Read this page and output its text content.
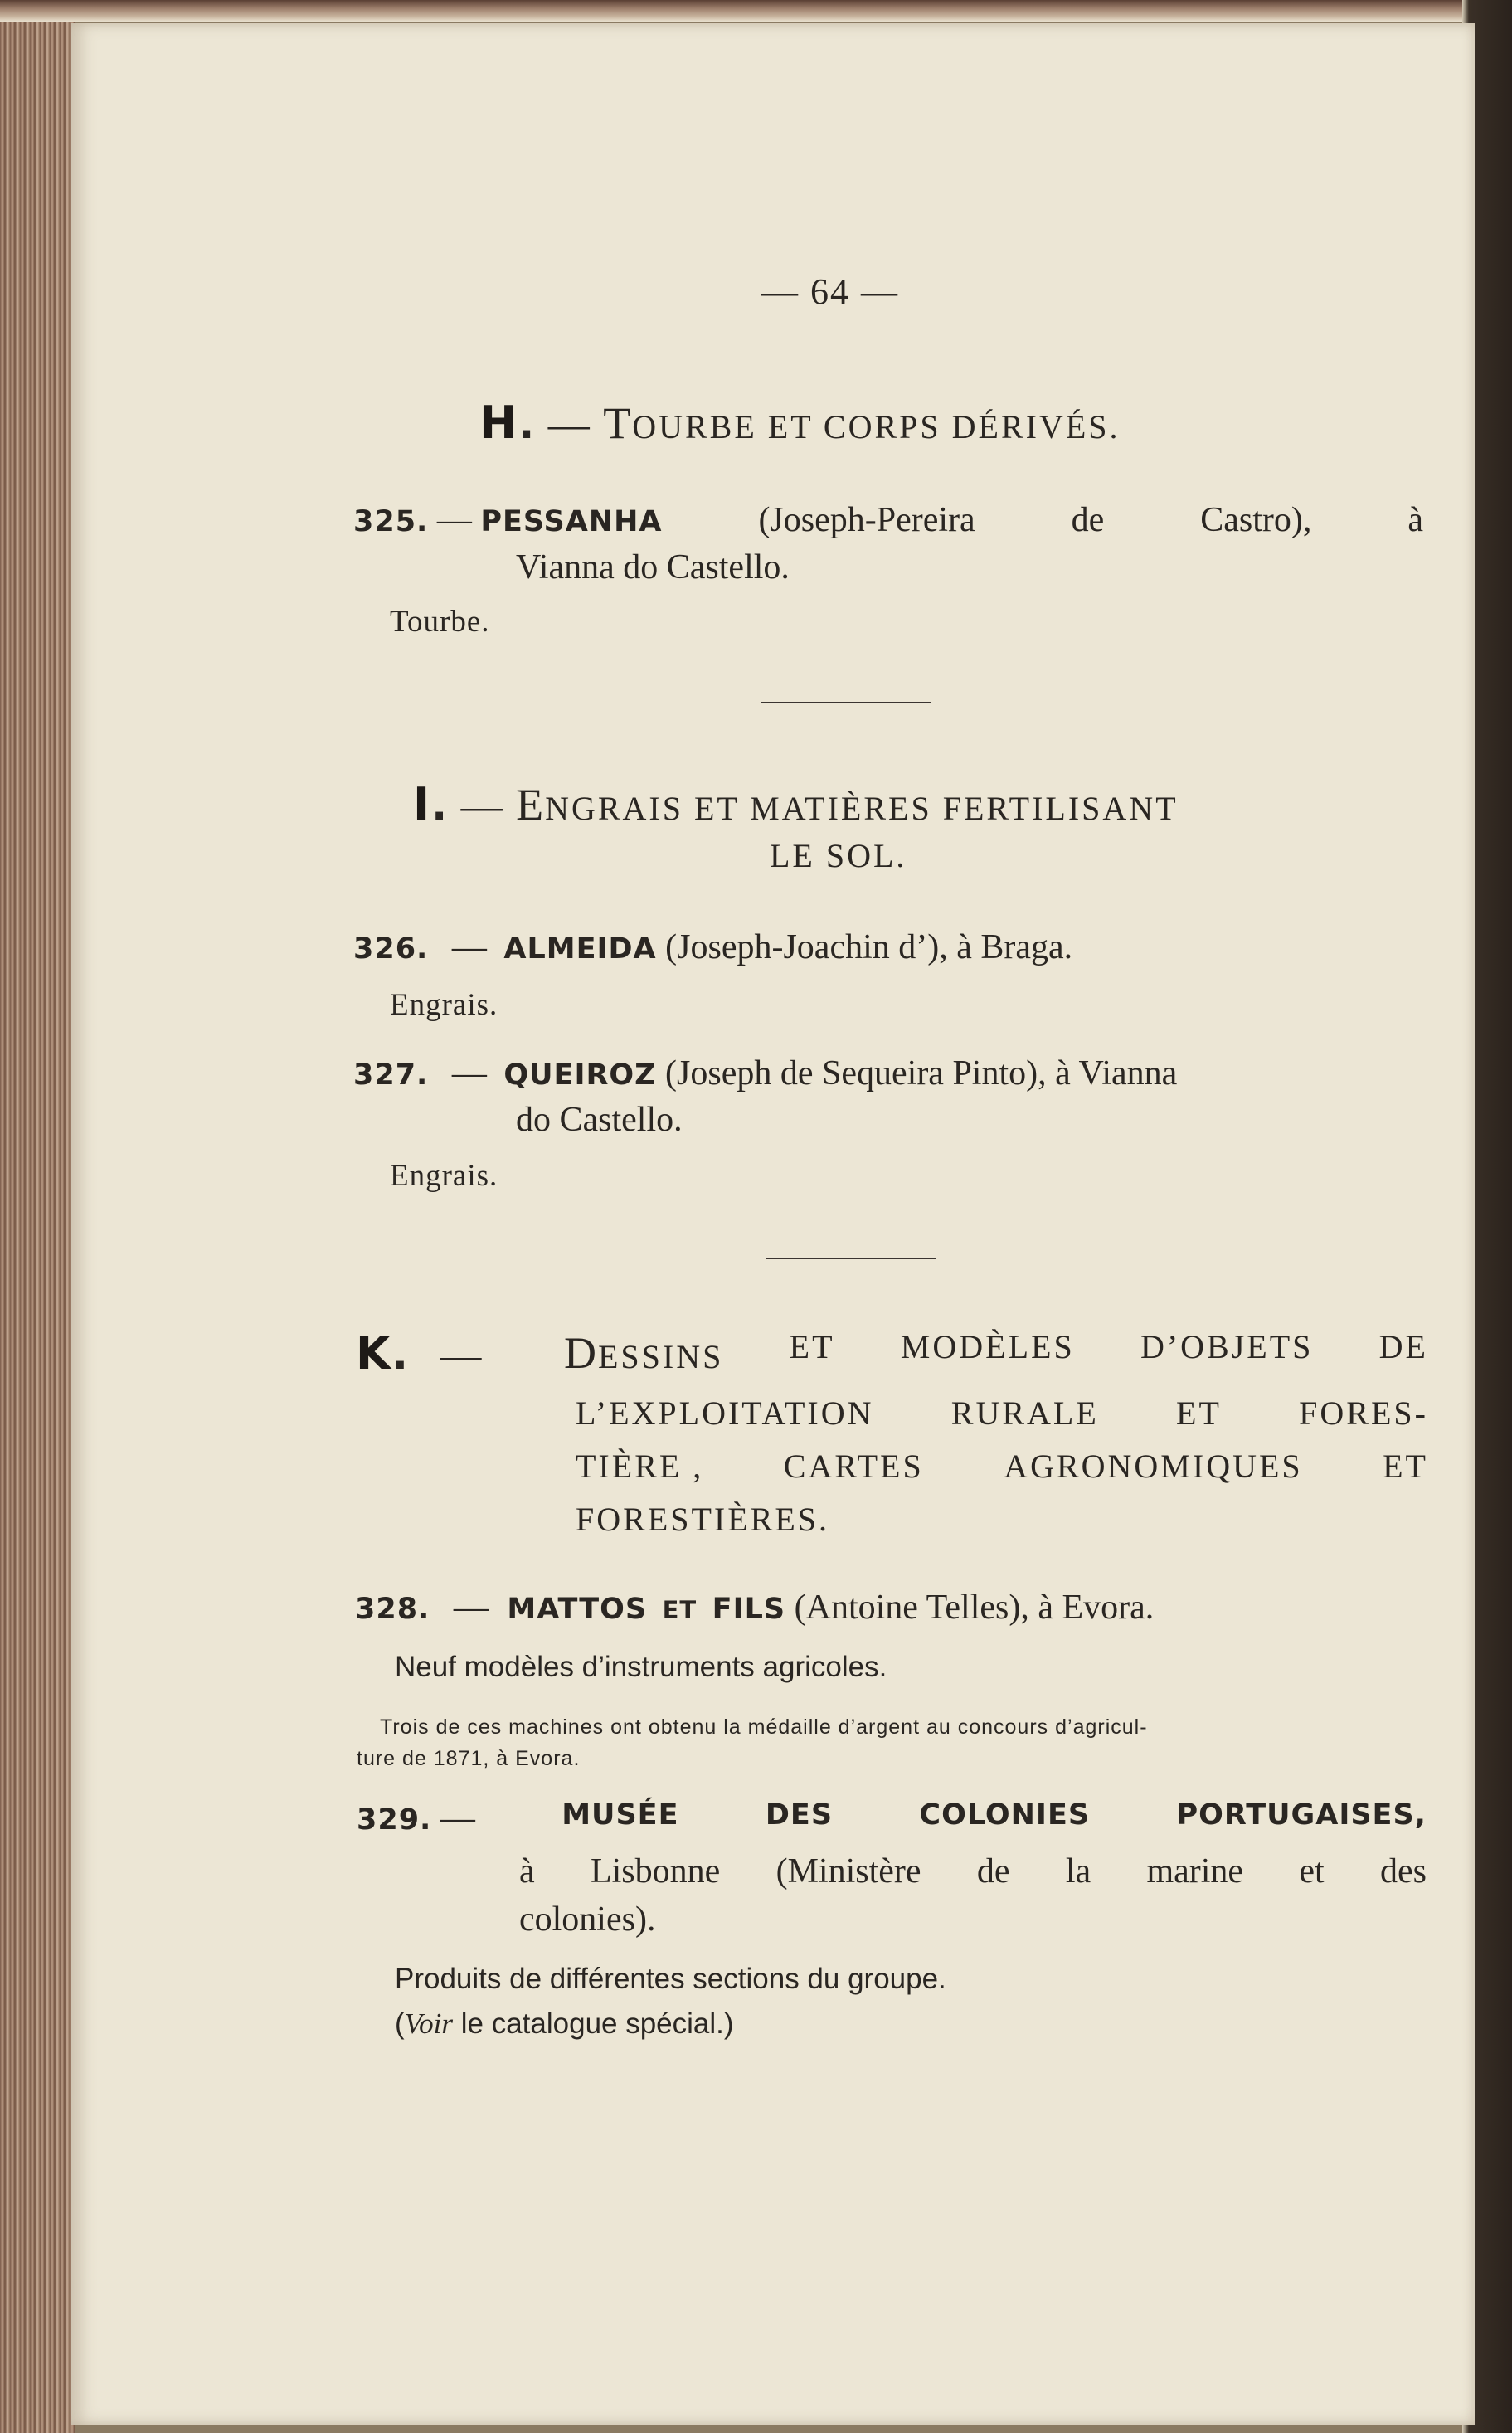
— 64 —
H. — TOURBE ET CORPS DÉRIVÉS.
325. — PESSANHA	(Joseph-Pereira	de	Castro),	à
Vianna do Castello.
Tourbe.
I. — ENGRAIS ET MATIÈRES FERTILISANT
LE SOL.
326. — ALMEIDA (Joseph-Joachin d’), à Braga.
Engrais.
327. — QUEIROZ (Joseph de Sequeira Pinto), à Vianna
do Castello.
Engrais.
K. — DESSINS ET MODÈLES D’OBJETS DE
L’EXPLOITATION RURALE ET FORES-
TIÈRE , CARTES AGRONOMIQUES ET
FORESTIÈRES.
328. — MATTOS ET FILS (Antoine Telles), à Evora.
Neuf modèles d’instruments agricoles.
Trois de ces machines ont obtenu la médaille d’argent au concours d’agricul-
ture de 1871, à Evora.
329. —	MUSÉE	DES	COLONIES	PORTUGAISES,
à Lisbonne (Ministère de la marine et des
colonies).
Produits de différentes sections du groupe.
(Voir le catalogue spécial.)
